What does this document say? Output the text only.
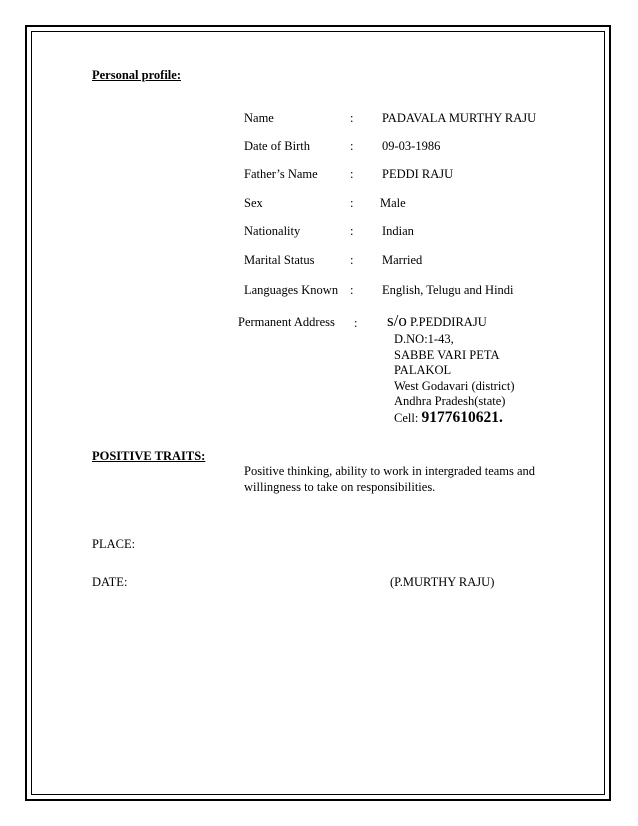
Personal profile:
Name	: PADAVALA MURTHY RAJU
Date of Birth	: 09-03-1986
Father’s Name	: PEDDI RAJU
Sex	: Male
Nationality	: Indian
Marital Status	: Married
Languages Known : English, Telugu and Hindi
Permanent Address : s/o P.PEDDIRAJU
D.NO:1-43,
SABBE VARI PETA
PALAKOL
West Godavari (district)
Andhra Pradesh(state)
Cell: 9177610621.
POSITIVE TRAITS:
Positive thinking, ability to work in intergraded teams and willingness to take on responsibilities.
PLACE:
DATE:	(P.MURTHY RAJU)
